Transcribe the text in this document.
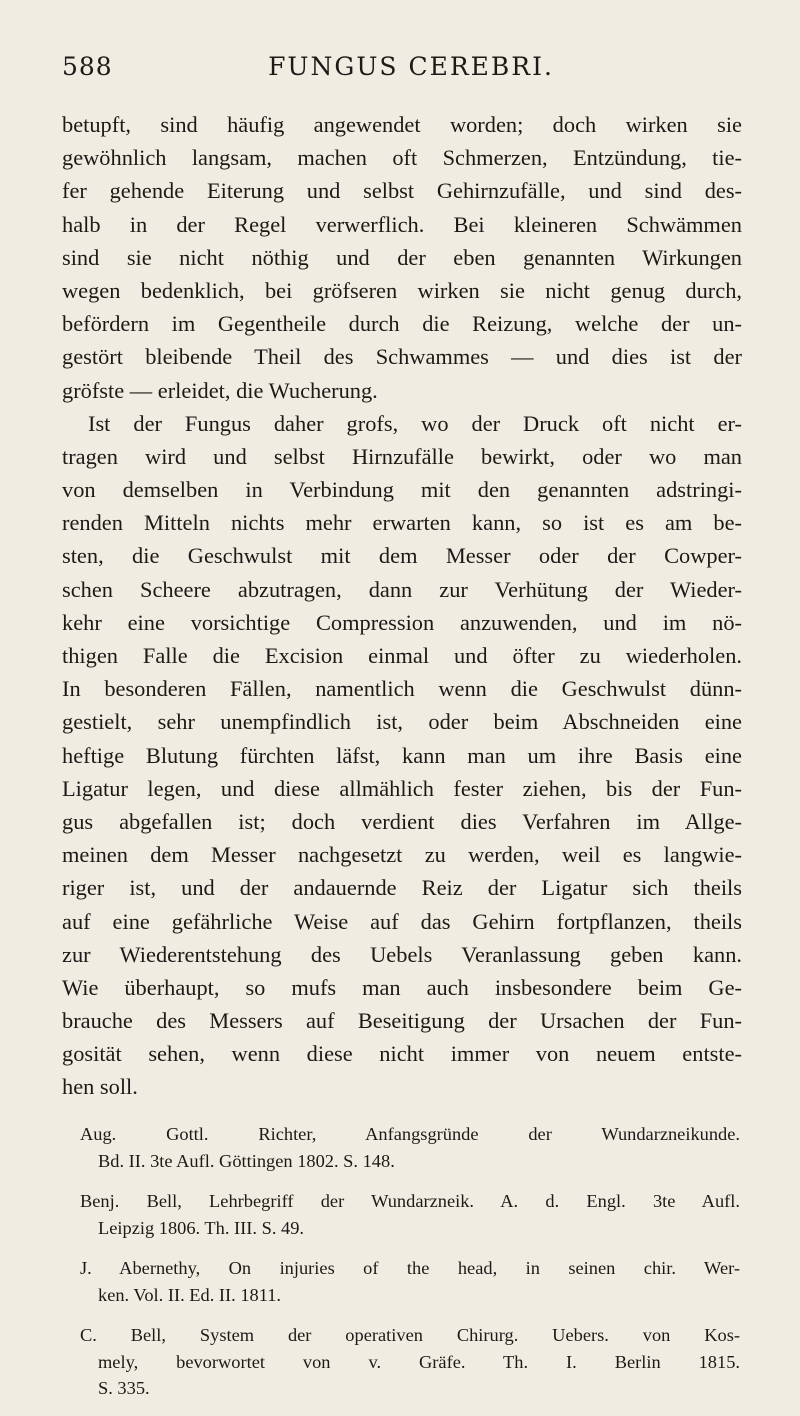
588	FUNGUS CEREBRI.
betupft, sind häufig angewendet worden; doch wirken sie
gewöhnlich langsam, machen oft Schmerzen, Entzündung, tie-
fer gehende Eiterung und selbst Gehirnzufälle, und sind des-
halb in der Regel verwerflich. Bei kleineren Schwämmen
sind sie nicht nöthig und der eben genannten Wirkungen
wegen bedenklich, bei gröfseren wirken sie nicht genug durch,
befördern im Gegentheile durch die Reizung, welche der un-
gestört bleibende Theil des Schwammes — und dies ist der
gröfste — erleidet, die Wucherung.
Ist der Fungus daher grofs, wo der Druck oft nicht er-
tragen wird und selbst Hirnzufälle bewirkt, oder wo man
von demselben in Verbindung mit den genannten adstringi-
renden Mitteln nichts mehr erwarten kann, so ist es am be-
sten, die Geschwulst mit dem Messer oder der Cowper-
schen Scheere abzutragen, dann zur Verhütung der Wieder-
kehr eine vorsichtige Compression anzuwenden, und im nö-
thigen Falle die Excision einmal und öfter zu wiederholen.
In besonderen Fällen, namentlich wenn die Geschwulst dünn-
gestielt, sehr unempfindlich ist, oder beim Abschneiden eine
heftige Blutung fürchten läfst, kann man um ihre Basis eine
Ligatur legen, und diese allmählich fester ziehen, bis der Fun-
gus abgefallen ist; doch verdient dies Verfahren im Allge-
meinen dem Messer nachgesetzt zu werden, weil es langwie-
riger ist, und der andauernde Reiz der Ligatur sich theils
auf eine gefährliche Weise auf das Gehirn fortpflanzen, theils
zur Wiederentstehung des Uebels Veranlassung geben kann.
Wie überhaupt, so mufs man auch insbesondere beim Ge-
brauche des Messers auf Beseitigung der Ursachen der Fun-
gosität sehen, wenn diese nicht immer von neuem entste-
hen soll.
Aug. Gottl. Richter, Anfangsgründe der Wundarzneikunde.
Bd. II. 3te Aufl. Göttingen 1802. S. 148.
Benj. Bell, Lehrbegriff der Wundarzneik. A. d. Engl. 3te Aufl.
Leipzig 1806. Th. III. S. 49.
J. Abernethy, On injuries of the head, in seinen chir. Wer-
ken. Vol. II. Ed. II. 1811.
C. Bell, System der operativen Chirurg. Uebers. von Kos-
mely, bevorwortet von v. Gräfe. Th. I. Berlin 1815.
S. 335.
